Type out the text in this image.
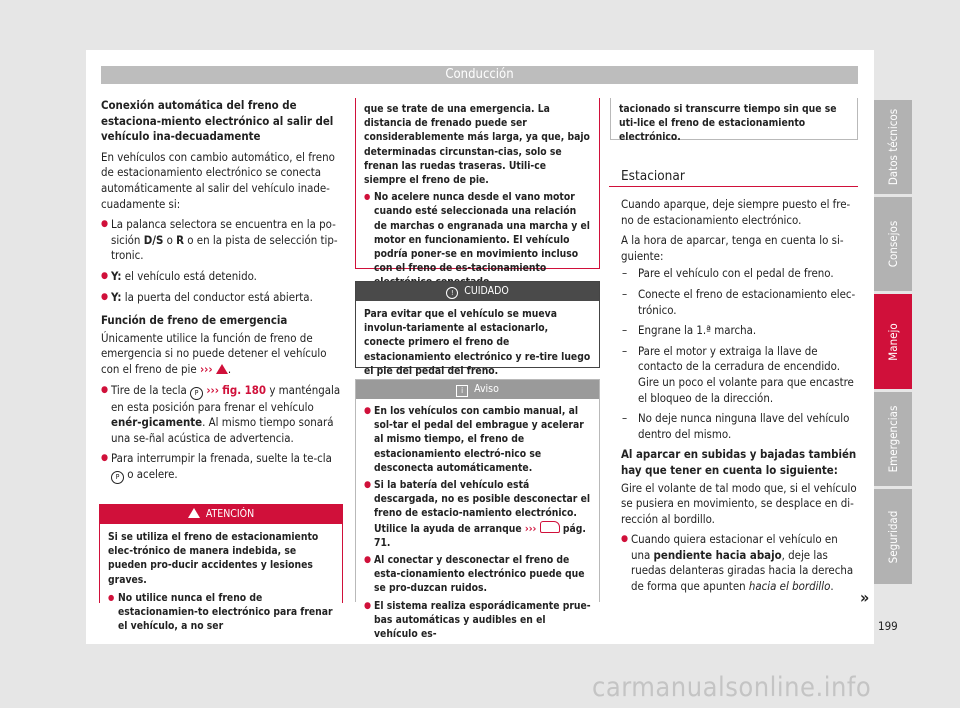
Conducción

Conexión automática del freno de estaciona-miento electrónico al salir del vehículo ina-decuadamente

En vehículos con cambio automático, el freno de estacionamiento electrónico se conecta automáticamente al salir del vehículo inade-cuadamente si:

● La palanca selectora se encuentra en la po-sición D/S o R o en la pista de selección tip-tronic.

● Y: el vehículo está detenido.

● Y: la puerta del conductor está abierta.

Función de freno de emergencia

Únicamente utilice la función de freno de emergencia si no puede detener el vehículo con el freno de pie ››› .

● Tire de la tecla P ››› fig. 180 y manténgala en esta posición para frenar el vehículo enér-gicamente. Al mismo tiempo sonará una se-ñal acústica de advertencia.

● Para interrumpir la frenada, suelte la te-cla P o acelere.

ATENCIÓN

Si se utiliza el freno de estacionamiento elec-trónico de manera indebida, se pueden pro-ducir accidentes y lesiones graves.

● No utilice nunca el freno de estacionamien-to electrónico para frenar el vehículo, a no ser

que se trate de una emergencia. La distancia de frenado puede ser considerablemente más larga, ya que, bajo determinadas circunstan-cias, solo se frenan las ruedas traseras. Utili-ce siempre el freno de pie.

● No acelere nunca desde el vano motor cuando esté seleccionada una relación de marchas o engranada una marcha y el motor en funcionamiento. El vehículo podría poner-se en movimiento incluso con el freno de es-tacionamiento

! CUIDADO

Para evitar que el vehículo se mueva involun-tariamente al estacionarlo, conecte primero el freno de estacionamiento electrónico y re-tire luego el pie del pedal del freno.

i Aviso

● En los vehículos con cambio manual, al sol-tar el pedal del embrague y acelerar al mismo tiempo, el freno de estacionamiento electró-nico se desconecta automáticamente.

● Si la batería del vehículo está descargada, no es posible desconectar el freno de estacio-namiento electrónico. Utilice la ayuda de arranque ›››  pág. 71.

● Al conectar y desconectar el freno de esta-cionamiento electrónico puede que se pro-duzcan ruidos.

● El sistema realiza esporádicamente prue-bas automáticas y audibles en el vehículo es-

tacionado si transcurre tiempo sin que se uti-lice el freno de estacionamiento electrónico.

Estacionar

Cuando aparque, deje siempre puesto el fre-no de estacionamiento electrónico.

A la hora de aparcar, tenga en cuenta lo si-guiente:

– Pare el vehículo con el pedal de freno.

– Conecte el freno de estacionamiento elec-trónico.

– Engrane la 1.ª marcha.

– Pare el motor y extraiga la llave de contacto de la cerradura de encendido. Gire un poco el volante para que encastre el bloqueo de la dirección.

– No deje nunca ninguna llave del vehículo dentro del mismo.

Al aparcar en subidas y bajadas también hay que tener en cuenta lo siguiente:

Gire el volante de tal modo que, si el vehículo se pusiera en movimiento, se desplace en di-rección al bordillo.

● Cuando quiera estacionar el vehículo en una pendiente hacia abajo, deje las ruedas delanteras giradas hacia la derecha de forma que apunten hacia el bordillo.

»
Datos técnicos
Consejos
Manejo
Emergencias
Seguridad
199
carmanualsonline.info
